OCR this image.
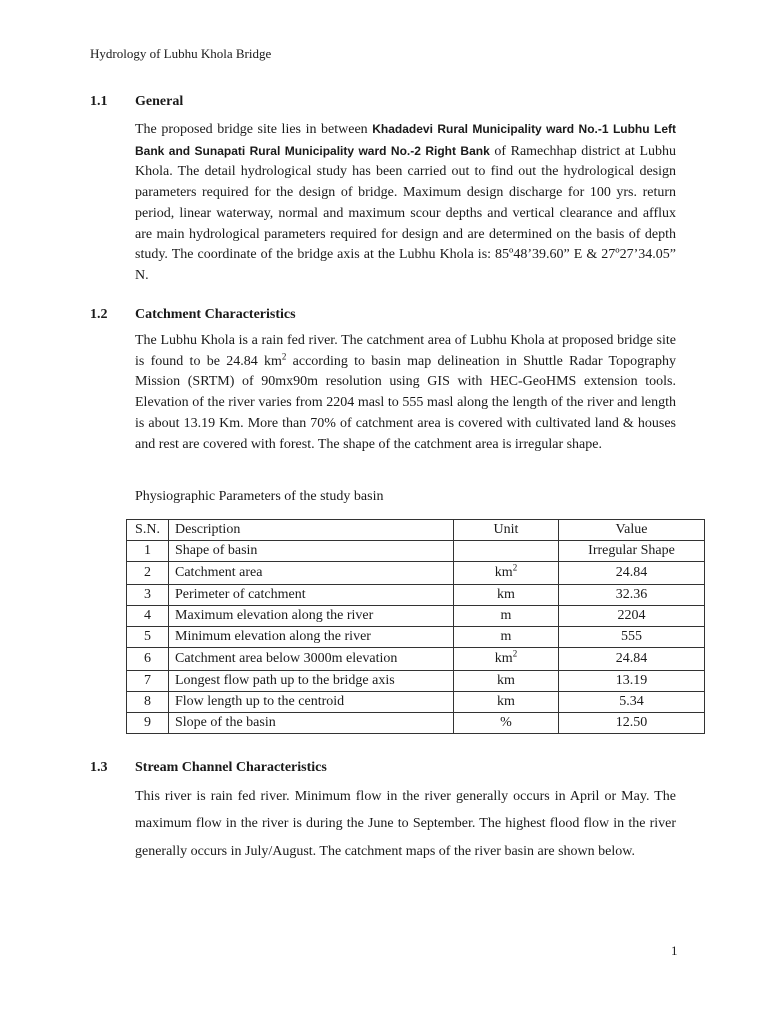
Hydrology of Lubhu Khola Bridge
1.1 General

The proposed bridge site lies in between Khadadevi Rural Municipality ward No.-1 Lubhu Left Bank and Sunapati Rural Municipality ward No.-2 Right Bank of Ramechhap district at Lubhu Khola. The detail hydrological study has been carried out to find out the hydrological design parameters required for the design of bridge. Maximum design discharge for 100 yrs. return period, linear waterway, normal and maximum scour depths and vertical clearance and afflux are main hydrological parameters required for design and are determined on the basis of depth study. The coordinate of the bridge axis at the Lubhu Khola is: 85º48’39.60” E & 27º27’34.05” N.

1.2 Catchment Characteristics

The Lubhu Khola is a rain fed river. The catchment area of Lubhu Khola at proposed bridge site is found to be 24.84 $km^2$ according to basin map delineation in Shuttle Radar Topography Mission (SRTM) of 90mx90m resolution using GIS with HEC-GeoHMS extension tools. Elevation of the river varies from 2204 masl to 555 masl along the length of the river and length is about 13.19 Km. More than 70% of catchment area is covered with cultivated land & houses and rest are covered with forest. The shape of the catchment area is irregular shape.

Physiographic Parameters of the study basin
S.N.	Description	Unit	Value
1	Shape of basin		Irregular Shape
2	Catchment area	$km^2$	24.84
3	Perimeter of catchment	km	32.36
4	Maximum elevation along the river	m	2204
5	Minimum elevation along the river	m	555
6	Catchment area below 3000m elevation	$km^2$	24.84
7	Longest flow path up to the bridge axis	km	13.19
8	Flow length up to the centroid	km	5.34
9	Slope of the basin	%	12.50
1.3 Stream Channel Characteristics

This river is rain fed river. Minimum flow in the river generally occurs in April or May. The maximum flow in the river is during the June to September. The highest flood flow in the river generally occurs in July/August. The catchment maps of the river basin are shown below.

1
